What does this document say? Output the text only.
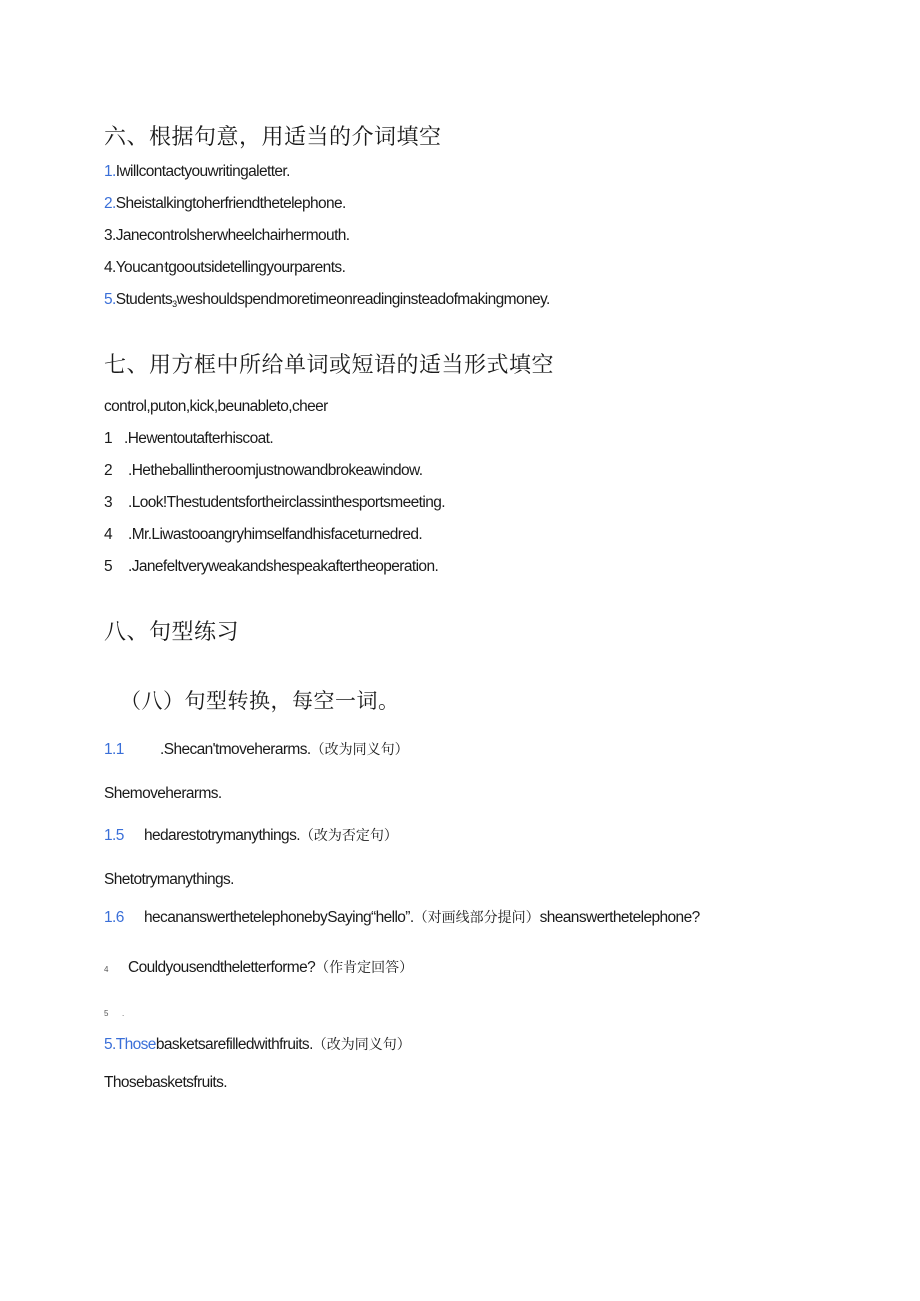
六、根据句意，用适当的介词填空
1.Iwillcontactyouwritingaletter.
2.Sheistalkingtoherfriendthetelephone.
3.Janecontrolsherwheelchairhermouth.
4.Youcan’tgooutsidetellingyourparents.
5.Students$_3$weshouldspendmoretimeonreadinginsteadofmakingmoney.
七、用方框中所给单词或短语的适当形式填空
control,puton,kick,beunableto,cheer
1 .Hewentoutafterhiscoat.
2 .Hetheballintheroomjustnowandbrokeawindow.
3 .Look!Thestudentsfortheirclassinthesportsmeeting.
4 .Mr.Liwastooangryhimselfandhisfaceturnedred.
5 .Janefeltveryweakandshespeakaftertheoperation.
八、句型练习
（八）句型转换，每空一词。
1.1 .Shecan'tmoveherarms.（改为同义句）
Shemoveherarms.
1.5 hedarestotrymanythings.（改为否定句）
Shetotrymanythings.
1.6 hecananswerthetelephonebySaying“hello”.（对画线部分提问）sheanswerthetelephone?
4 Couldyousendtheletterforme?（作肯定回答）
5 .
5.Thosebasketsarefilledwithfruits.（改为同义句）
Thosebasketsfruits.
